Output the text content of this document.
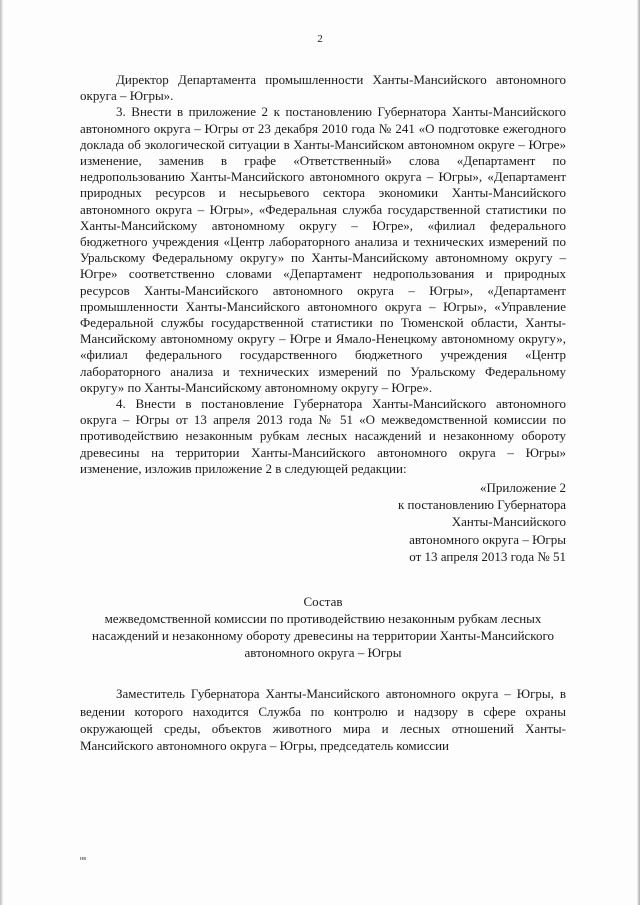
2

Директор Департамента промышленности Ханты-Мансийского автономного округа – Югры».

3. Внести в приложение 2 к постановлению Губернатора Ханты-Мансийского автономного округа – Югры от 23 декабря 2010 года № 241 «О подготовке ежегодного доклада об экологической ситуации в Ханты-Мансийском автономном округе – Югре» изменение, заменив в графе «Ответственный» слова «Департамент по недропользованию Ханты-Мансийского автономного округа – Югры», «Департамент природных ресурсов и несырьевого сектора экономики Ханты-Мансийского автономного округа – Югры», «Федеральная служба государственной статистики по Ханты-Мансийскому автономному округу – Югре», «филиал федерального бюджетного учреждения «Центр лабораторного анализа и технических измерений по Уральскому Федеральному округу» по Ханты-Мансийскому автономному округу – Югре» соответственно словами «Департамент недропользования и природных ресурсов Ханты-Мансийского автономного округа – Югры», «Департамент промышленности Ханты-Мансийского автономного округа – Югры», «Управление Федеральной службы государственной статистики по Тюменской области, Ханты-Мансийскому автономному округу – Югре и Ямало-Ненецкому автономному округу», «филиал федерального государственного бюджетного учреждения «Центр лабораторного анализа и технических измерений по Уральскому Федеральному округу» по Ханты-Мансийскому автономному округу – Югре».

4. Внести в постановление Губернатора Ханты-Мансийского автономного округа – Югры от 13 апреля 2013 года № 51 «О межведомственной комиссии по противодействию незаконным рубкам лесных насаждений и незаконному обороту древесины на территории Ханты-Мансийского автономного округа – Югры» изменение, изложив приложение 2 в следующей редакции:

«Приложение 2
к постановлению Губернатора
Ханты-Мансийского
автономного округа – Югры
от 13 апреля 2013 года № 51

Состав

межведомственной комиссии по противодействию незаконным рубкам лесных насаждений и незаконному обороту древесины на территории Ханты-Мансийского автономного округа – Югры

Заместитель Губернатора Ханты-Мансийского автономного округа – Югры, в ведении которого находится Служба по контролю и надзору в сфере охраны окружающей среды, объектов животного мира и лесных отношений Ханты-Мансийского автономного округа – Югры, председатель комиссии

нв
